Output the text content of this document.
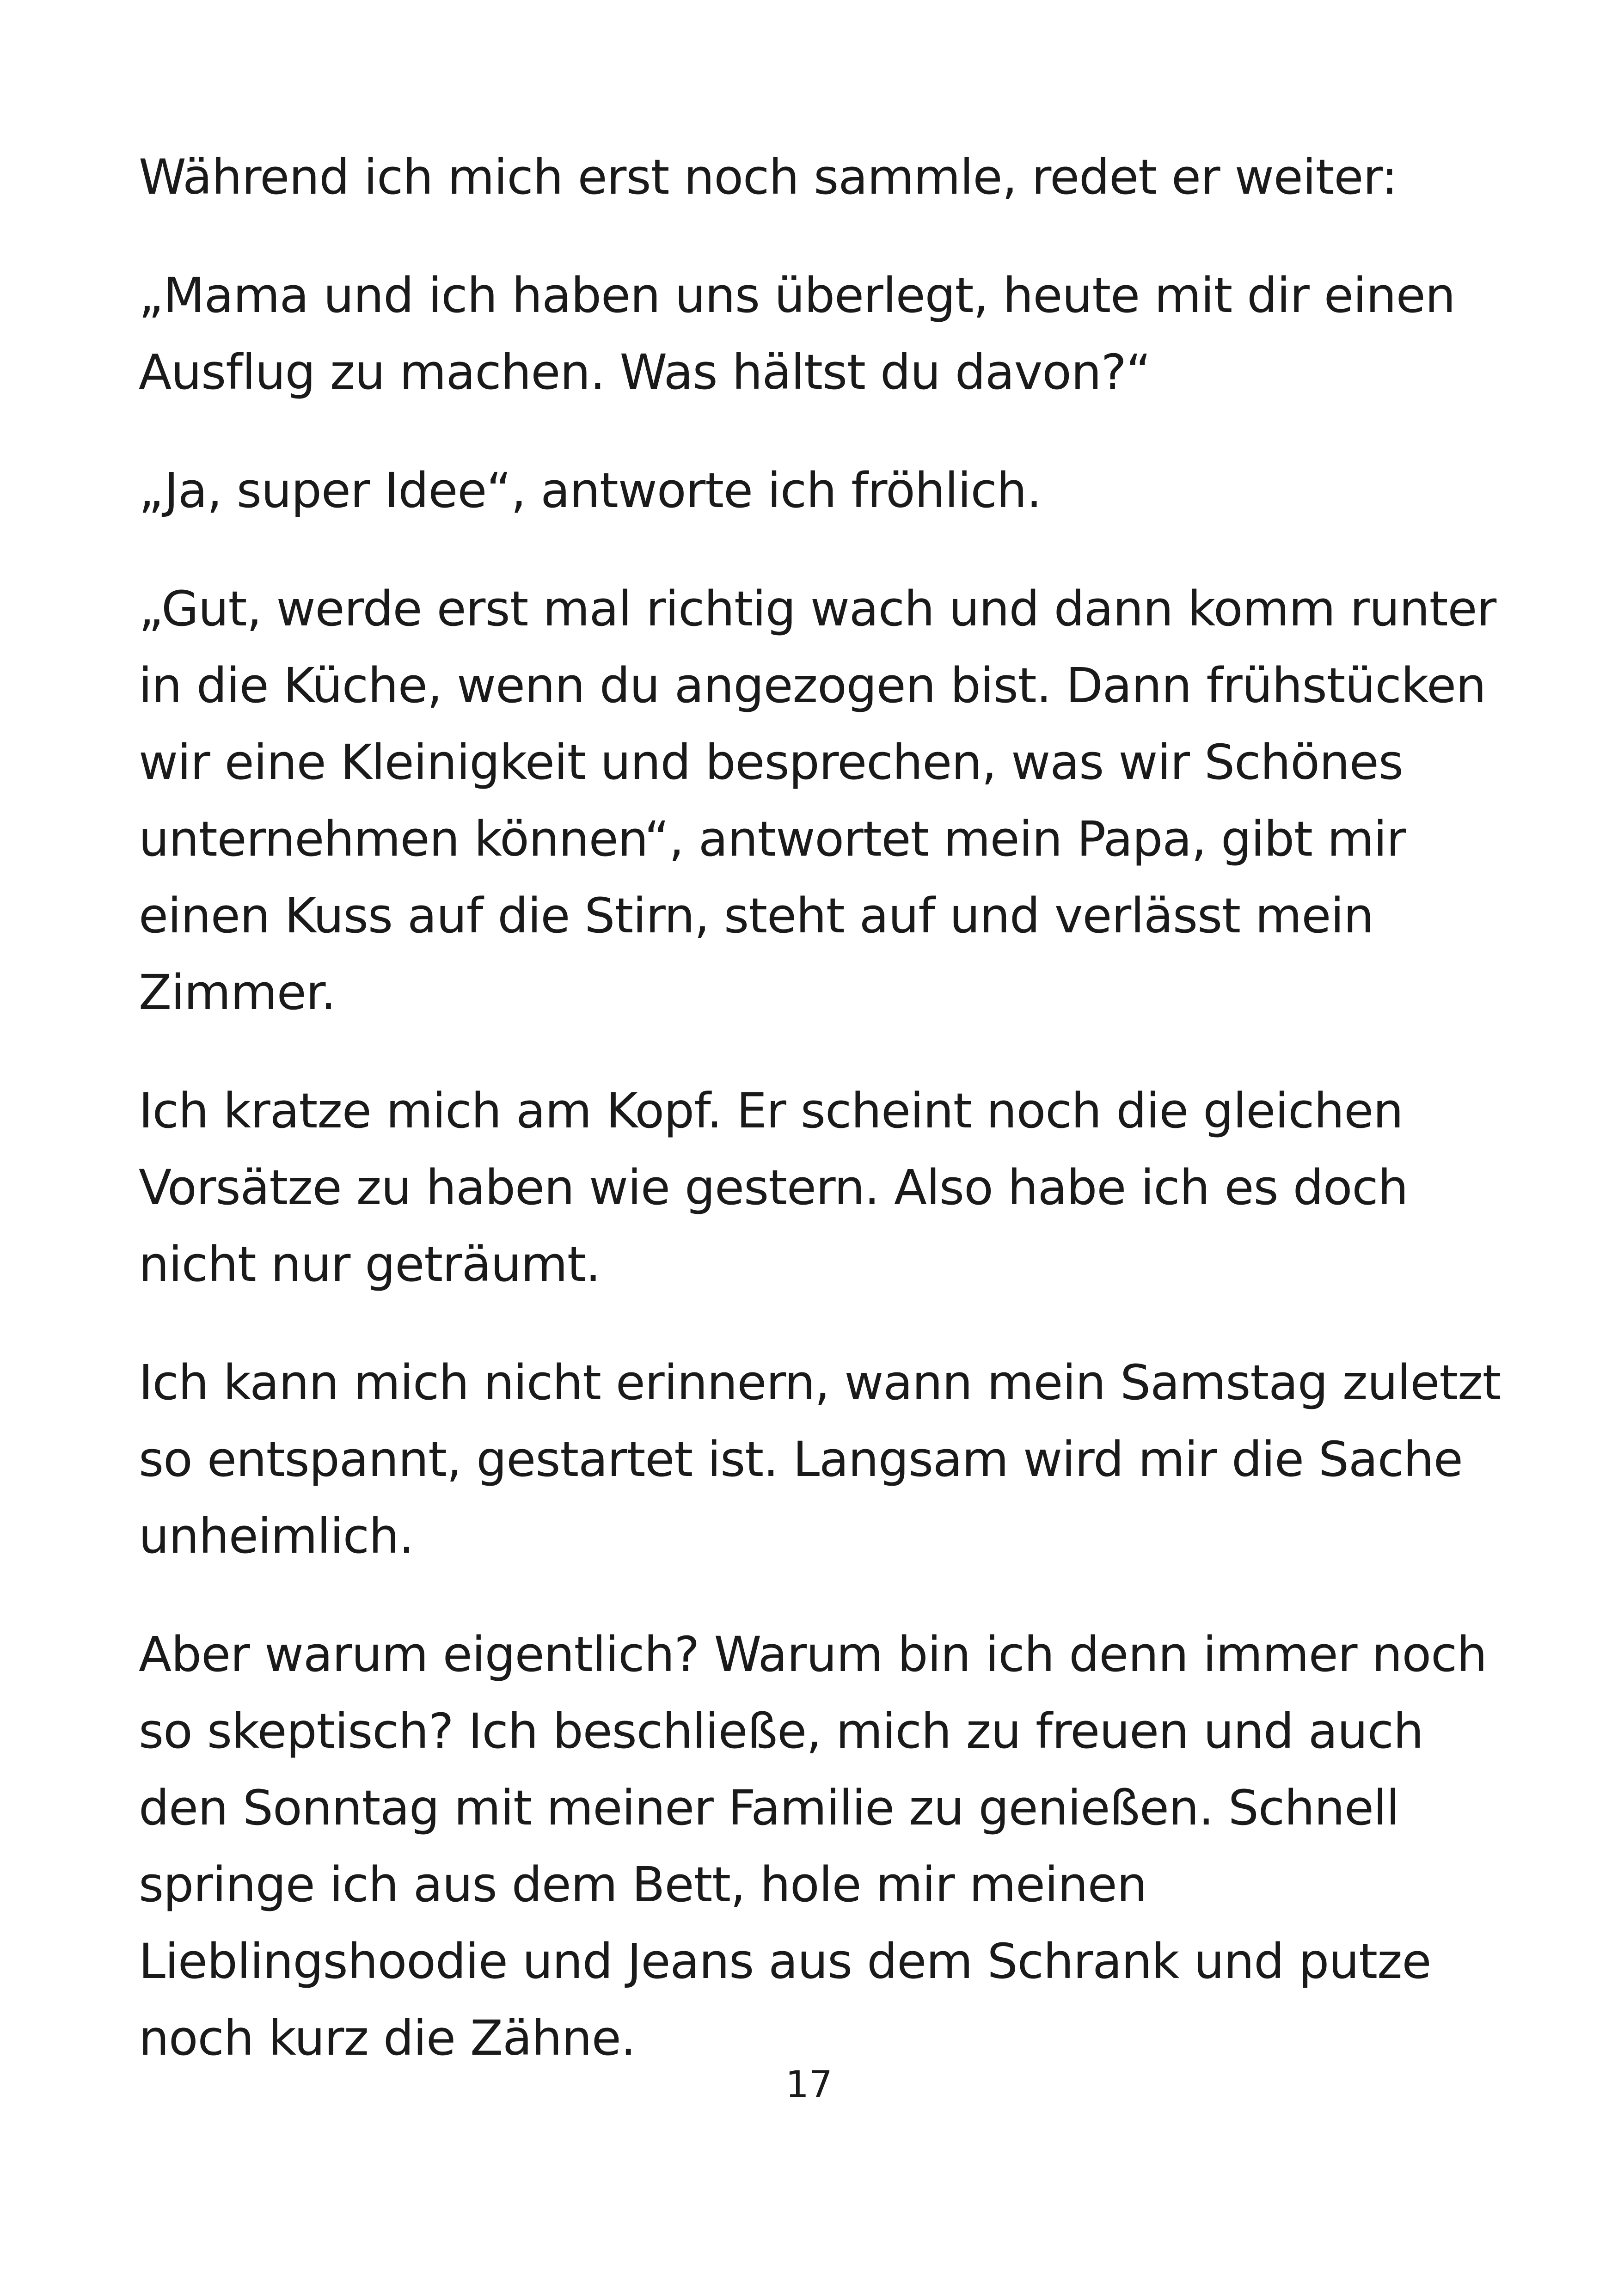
Während ich mich erst noch sammle, redet er weiter:

„Mama und ich haben uns überlegt, heute mit dir einen Ausflug zu machen. Was hältst du davon?“

„Ja, super Idee“, antworte ich fröhlich.

„Gut, werde erst mal richtig wach und dann komm runter in die Küche, wenn du angezogen bist. Dann frühstücken wir eine Kleinigkeit und besprechen, was wir Schönes unternehmen können“, antwortet mein Papa, gibt mir einen Kuss auf die Stirn, steht auf und verlässt mein Zimmer.

Ich kratze mich am Kopf. Er scheint noch die gleichen Vorsätze zu haben wie gestern. Also habe ich es doch nicht nur geträumt.

Ich kann mich nicht erinnern, wann mein Samstag zuletzt so entspannt, gestartet ist. Langsam wird mir die Sache unheimlich.

Aber warum eigentlich? Warum bin ich denn immer noch so skeptisch? Ich beschließe, mich zu freuen und auch den Sonntag mit meiner Familie zu genießen. Schnell springe ich aus dem Bett, hole mir meinen Lieblingshoodie und Jeans aus dem Schrank und putze noch kurz die Zähne.

17
